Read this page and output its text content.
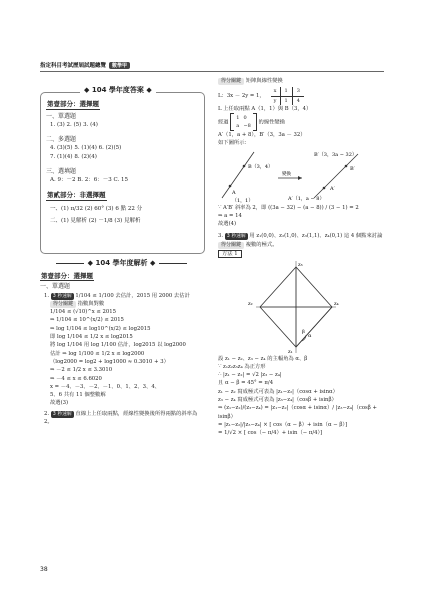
指定科目考試歷屆試題總覽	數學甲
◆ 104 學年度答案 ◆
第壹部分：選擇題
一、單選題
1. (3) 2. (5) 3. (4)
二、多選題
4. (3)(5) 5. (1)(4) 6. (2)(5)
7. (1)(4) 8. (2)(4)
三、選填題
A. 9：－2 B. 2：6：－3 C. 15
第貳部分：非選擇題
一、(1) π/32 (2) 60° (3) 6 點 22 分
二、(1) 見解析 (2) －1/8 (3) 見解析
◆ 104 學年度解析 ◆
第壹部分：選擇題
一、單選題
1. 3 秒速解 1/104 ≤ 1/100 去估計，2015 用 2000 去估計
得分關鍵 指數與對數
1/104 ≤ (√10)^x ≤ 2015
⇒ 1/104 ≤ 10^(x/2) ≤ 2015
⇒ log 1/104 ≤ log10^(x/2) ≤ log2015
即 log 1/104 ≤ 1/2 x ≤ log2015
將 log 1/104 用 log 1/100 估計，log2015 以 log2000
估計 ⇒ log 1/100 ≤ 1/2 x ≤ log2000
（log2000 = log2 + log1000 ≈ 0.3010 + 3）
⇒ －2 ≤ 1/2 x ≤ 3.3010
⇒ －4 ≤ x ≤ 6.6020
x = －4、－3、－2、－1、0、1、2、3、4、
5、6 共有 11 個整數解
故選(3)
2. 3 秒速解 直線上上任取兩點，經線性變換後所得兩點的斜率為 2。
得分關鍵 矩陣與線性變換
L：3x － 2y = 1，
x	1	3
y	1	4
L 上任取兩點 A（1，1）與 B（3，4）
經過
1 0
a −8
的線性變換
A′（1，a + 8），B′（3，3a － 32）
如下圖所示：
A
B（3，4）
（1，1）
A′
B′
B′（3，3a − 32）
A′（1，a − 8）
變換
∵ A′B′ 斜率為 2，即 ((3a − 32) − (a − 8)) / (3 − 1) = 2
⇒ a = 14
故選(4)
3. 3 秒速解 用 z₁(0,0)、z₂(1,0)、z₃(1,1)、z₄(0,1) 這 4 個點來討論
得分關鍵 複數的極式。
方法 1
z₂
z₃
z₄
z₁
α
β
設 z₁ − z₂、z₃ − z₄ 的主輻角為 α、β
∵ z₁z₂z₃z₄ 為正方形
∴ |z₁ − z₂| = √2 |z₃ − z₄|
且 α − β = 45° = π/4
z₁ − z₂ 寫成極式可表為 |z₁−z₂|（cosα + isinα）
z₃ − z₄ 寫成極式可表為 |z₃−z₄|（cosβ + isinβ）
⇒ (z₁−z₂)/(z₃−z₄) = |z₁−z₂|（cosα + isinα）/ |z₃−z₄|（cosβ + isinβ）
= |z₁−z₂|/|z₃−z₄| × [ cos（α − β）+ isin（α − β）]
= 1/√2 × [ cos（− π/4）+ isin（− π/4）]
38
